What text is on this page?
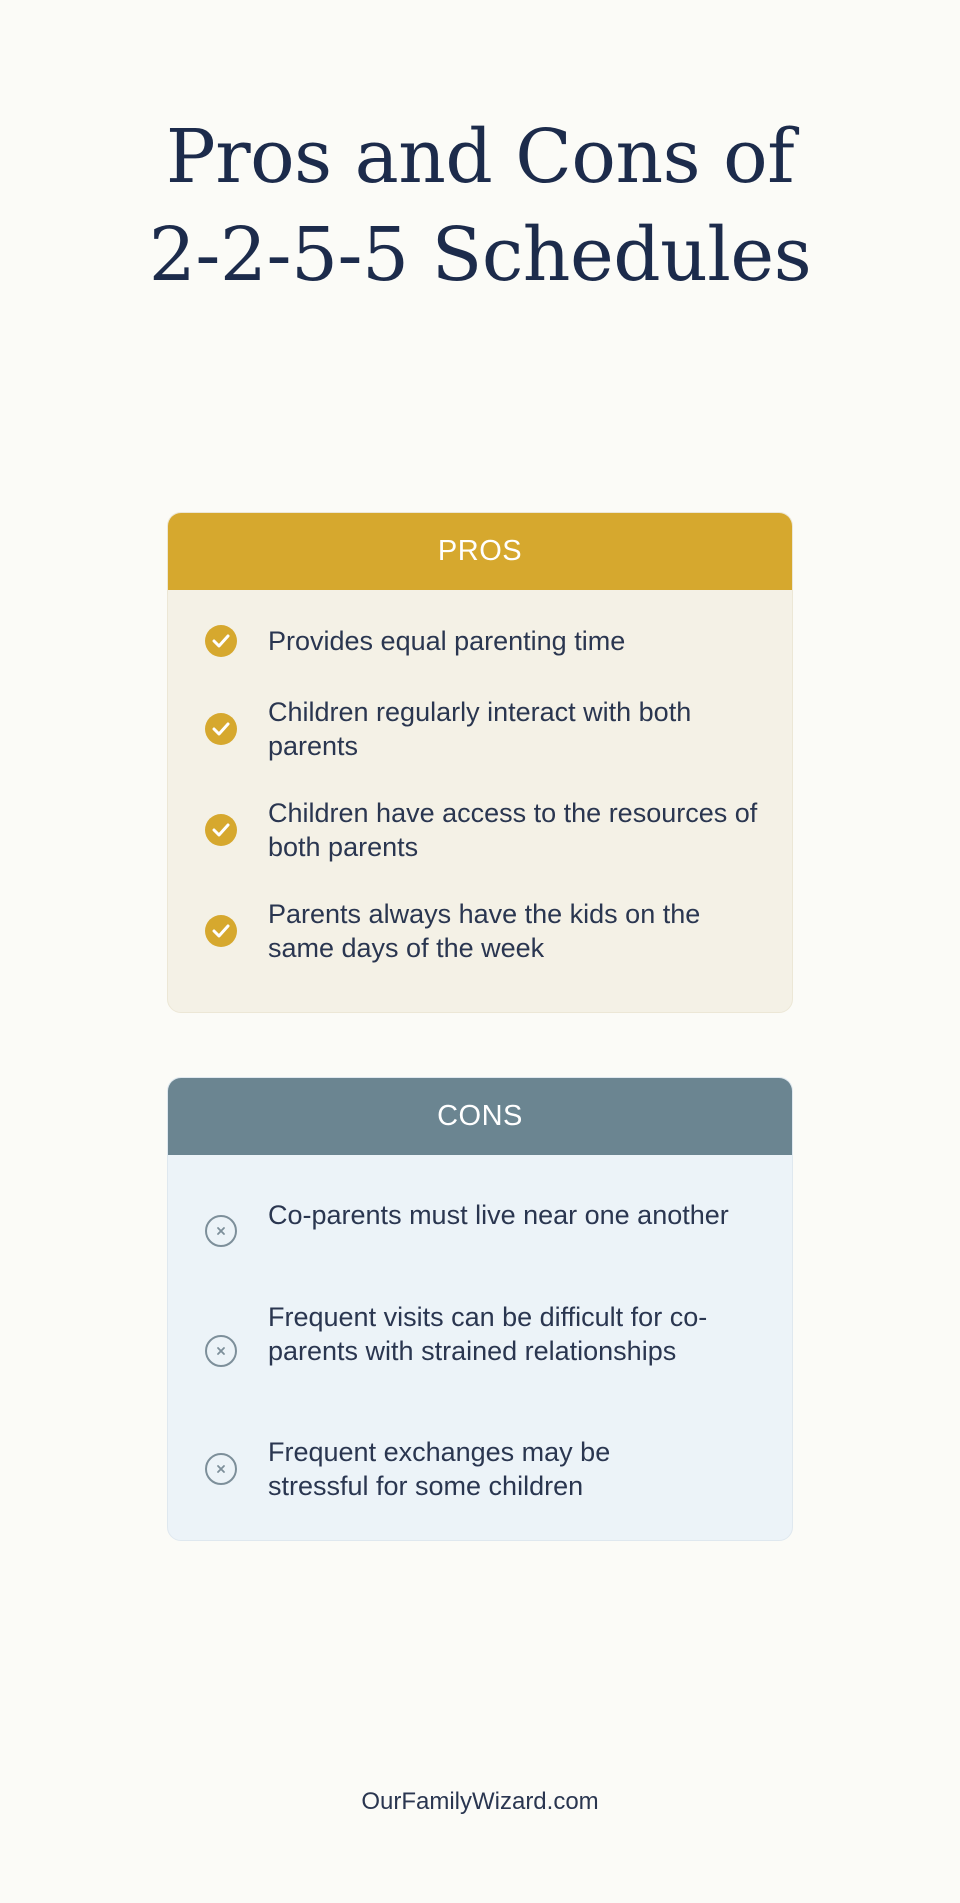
Pros and Cons of
2-2-5-5 Schedules
PROS
Provides equal parenting time
Children regularly interact with both parents
Children have access to the resources of both parents
Parents always have the kids on the same days of the week
CONS
Co-parents must live near one another
Frequent visits can be difficult for co-parents with strained relationships
Frequent exchanges may be stressful for some children
OurFamilyWizard.com
